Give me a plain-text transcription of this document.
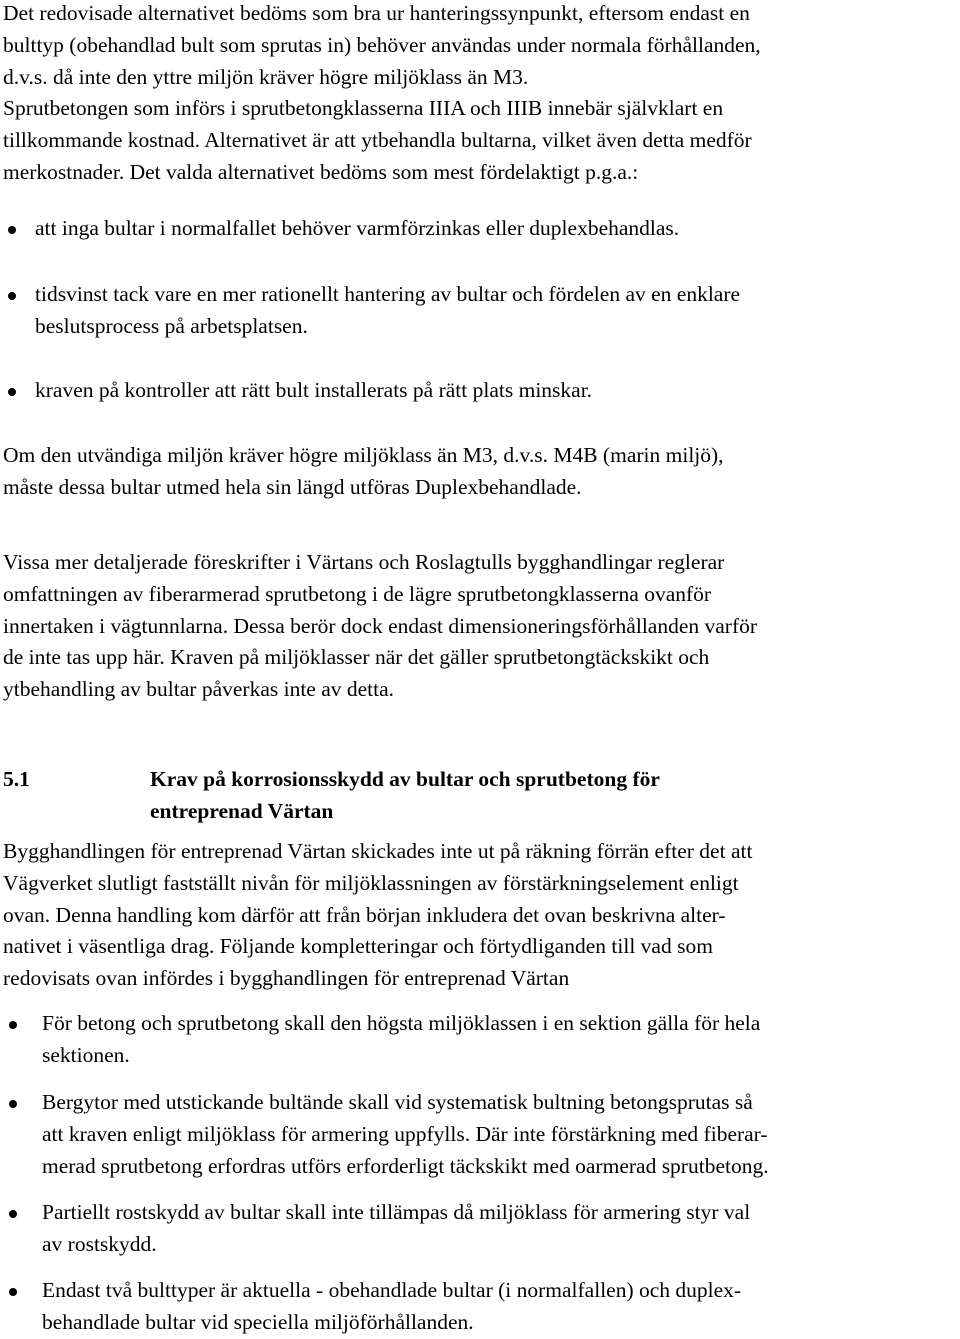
Det redovisade alternativet bedöms som bra ur hanteringssynpunkt, eftersom endast en
bulttyp (obehandlad bult som sprutas in) behöver användas under normala förhållanden,
d.v.s. då inte den yttre miljön kräver högre miljöklass än M3.
Sprutbetongen som införs i sprutbetongklasserna IIIA och IIIB innebär självklart en
tillkommande kostnad. Alternativet är att ytbehandla bultarna, vilket även detta medför
merkostnader. Det valda alternativet bedöms som mest fördelaktigt p.g.a.:
att inga bultar i normalfallet behöver varmförzinkas eller duplexbehandlas.
tidsvinst tack vare en mer rationellt hantering av bultar och fördelen av en enklare
beslutsprocess på arbetsplatsen.
kraven på kontroller att rätt bult installerats på rätt plats minskar.
Om den utvändiga miljön kräver högre miljöklass än M3, d.v.s. M4B (marin miljö),
måste dessa bultar utmed hela sin längd utföras Duplexbehandlade.
Vissa mer detaljerade föreskrifter i Värtans och Roslagtulls bygghandlingar reglerar
omfattningen av fiberarmerad sprutbetong i de lägre sprutbetongklasserna ovanför
innertaken i vägtunnlarna. Dessa berör dock endast dimensioneringsförhållanden varför
de inte tas upp här. Kraven på miljöklasser när det gäller sprutbetongtäckskikt och
ytbehandling av bultar påverkas inte av detta.
5.1	Krav på korrosionsskydd av bultar och sprutbetong för
entreprenad Värtan
Bygghandlingen för entreprenad Värtan skickades inte ut på räkning förrän efter det att
Vägverket slutligt fastställt nivån för miljöklassningen av förstärkningselement enligt
ovan. Denna handling kom därför att från början inkludera det ovan beskrivna alter-
nativet i väsentliga drag. Följande kompletteringar och förtydliganden till vad som
redovisats ovan infördes i bygghandlingen för entreprenad Värtan
För betong och sprutbetong skall den högsta miljöklassen i en sektion gälla för hela
sektionen.
Bergytor med utstickande bultände skall vid systematisk bultning betongsprutas så
att kraven enligt miljöklass för armering uppfylls. Där inte förstärkning med fiberar-
merad sprutbetong erfordras utförs erforderligt täckskikt med oarmerad sprutbetong.
Partiellt rostskydd av bultar skall inte tillämpas då miljöklass för armering styr val
av rostskydd.
Endast två bulttyper är aktuella - obehandlade bultar (i normalfallen) och duplex-
behandlade bultar vid speciella miljöförhållanden.
